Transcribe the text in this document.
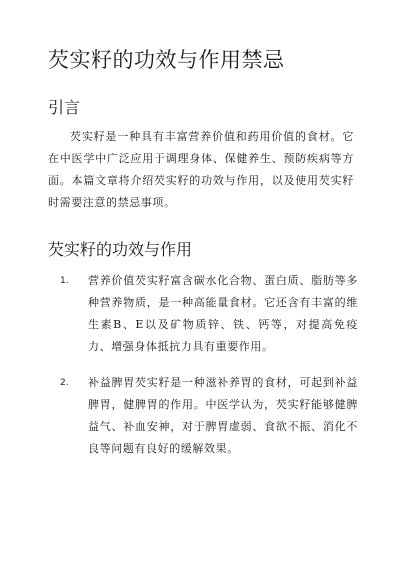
芡实籽的功效与作用禁忌
引言

芡实籽是一种具有丰富营养价值和药用价值的食材。它在中医学中广泛应用于调理身体、保健养生、预防疾病等方面。本篇文章将介绍芡实籽的功效与作用，以及使用芡实籽时需要注意的禁忌事项。

芡实籽的功效与作用
1. 营养价值芡实籽富含碳水化合物、蛋白质、脂肪等多种营养物质，是一种高能量食材。它还含有丰富的维生素B、E以及矿物质锌、铁、钙等，对提高免疫力、增强身体抵抗力具有重要作用。

2. 补益脾胃芡实籽是一种滋补养胃的食材，可起到补益脾胃，健脾胃的作用。中医学认为，芡实籽能够健脾益气、补血安神，对于脾胃虚弱、食欲不振、消化不良等问题有良好的缓解效果。
